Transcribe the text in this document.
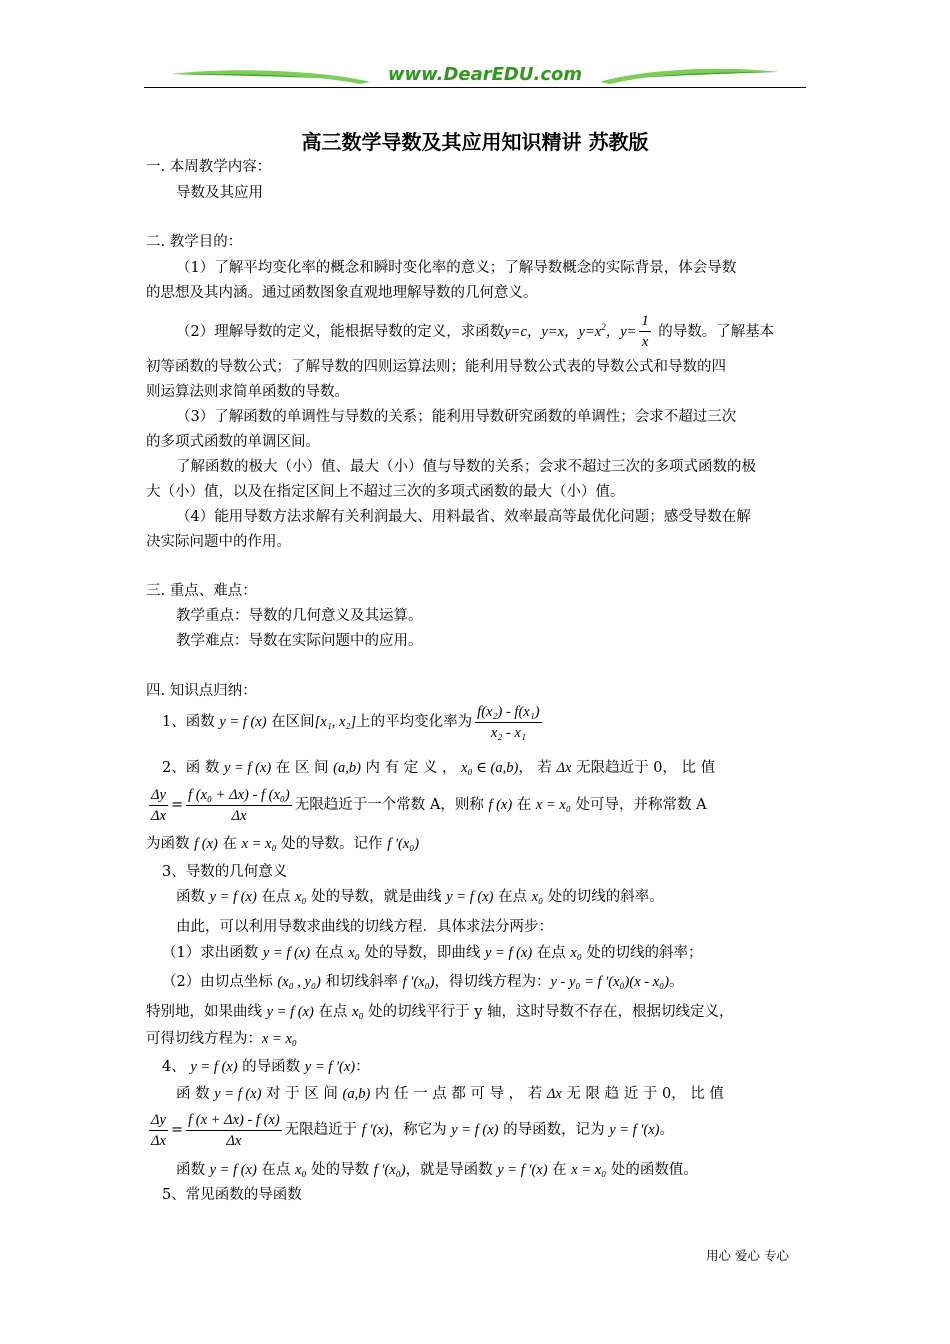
www.DearEDU.com
高三数学导数及其应用知识精讲 苏教版
一. 本周教学内容：
导数及其应用
二. 教学目的：
（1）了解平均变化率的概念和瞬时变化率的意义；了解导数概念的实际背景，体会导数
的思想及其内涵。通过函数图象直观地理解导数的几何意义。
（2）理解导数的定义，能根据导数的定义，求函数y=c，y=x，$y=x^2$，$y= \frac{1}{x}$ 的导数。了解基本
初等函数的导数公式；了解导数的四则运算法则；能利用导数公式表的导数公式和导数的四
则运算法则求简单函数的导数。
（3）了解函数的单调性与导数的关系；能利用导数研究函数的单调性；会求不超过三次
的多项式函数的单调区间。
了解函数的极大（小）值、最大（小）值与导数的关系；会求不超过三次的多项式函数的极
大（小）值，以及在指定区间上不超过三次的多项式函数的最大（小）值。
（4）能用导数方法求解有关利润最大、用料最省、效率最高等最优化问题；感受导数在解
决实际问题中的作用。
三. 重点、难点：
教学重点：导数的几何意义及其运算。
教学难点：导数在实际问题中的应用。
四. 知识点归纳：
1、函数 y = f (x) 在区间[x₁, x₂]上的平均变化率为 $\frac{\text{f(x₂) - f(x₁)}}{\text{x₂ - x₁}}$
2、函 数 y = f (x) 在 区 间 (a,b) 内 有 定 义 ， x₀ ∈ (a,b)， 若 Δx 无限趋近于 0， 比 值
$\frac{\Delta y}{\Delta x} = \frac{\text{f (x₀ + Δx) - f (x₀)}}{\Delta x}$ 无限趋近于一个常数 A，则称 f (x) 在 x = x₀ 处可导，并称常数 A
为函数 f (x) 在 x = x₀ 处的导数。记作 f '(x₀)
3、导数的几何意义
函数 y = f (x) 在点 x₀ 处的导数，就是曲线 y = f (x) 在点 x₀ 处的切线的斜率。
由此，可以利用导数求曲线的切线方程．具体求法分两步：
（1）求出函数 y = f (x) 在点 x₀ 处的导数，即曲线 y = f (x) 在点 x₀ 处的切线的斜率；
（2）由切点坐标 (x₀ , y₀) 和切线斜率 f '(x₀)，得切线方程为：y - y₀ = f '(x₀)(x - x₀)。
特别地，如果曲线 y = f (x) 在点 x₀ 处的切线平行于 y 轴，这时导数不存在，根据切线定义，
可得切线方程为：x = x₀
4、 y = f (x) 的导函数 y = f '(x)：
函 数 y = f (x) 对 于 区 间 (a,b) 内 任 一 点 都 可 导 ， 若 Δx 无 限 趋 近 于 0， 比 值
$\frac{\Delta y}{\Delta x} = \frac{f (x + \Delta x) - f (x)}{\Delta x}$ 无限趋近于 f '(x)，称它为 y = f (x) 的导函数，记为 y = f '(x)。
函数 y = f (x) 在点 x₀ 处的导数 f '(x₀)，就是导函数 y = f '(x) 在 x = x₀ 处的函数值。
5、常见函数的导函数
用心 爱心 专心
